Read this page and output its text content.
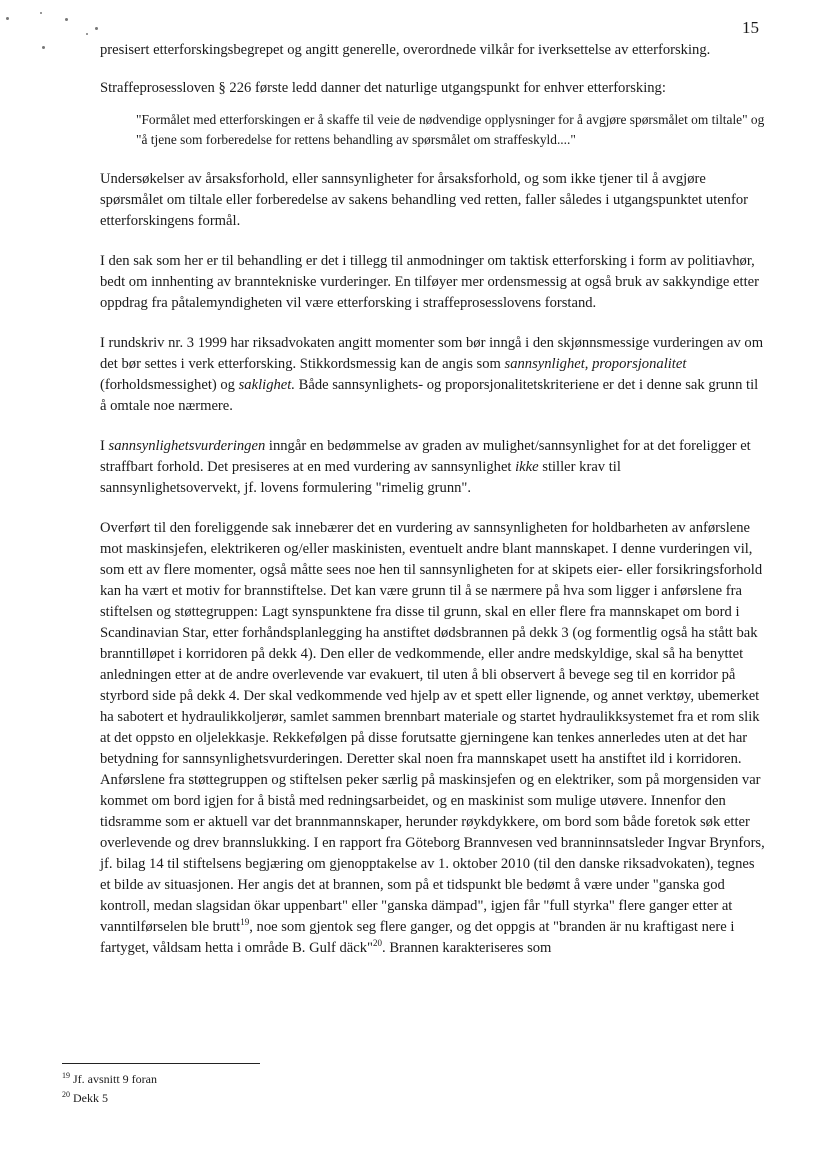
15

presisert etterforskingsbegrepet og angitt generelle, overordnede vilkår for iverksettelse av etterforsking.

Straffeprosessloven § 226 første ledd danner det naturlige utgangspunkt for enhver etterforsking:

"Formålet med etterforskingen er å skaffe til veie de nødvendige opplysninger for å avgjøre spørsmålet om tiltale" og "å tjene som forberedelse for rettens behandling av spørsmålet om straffeskyld...."

Undersøkelser av årsaksforhold, eller sannsynligheter for årsaksforhold, og som ikke tjener til å avgjøre spørsmålet om tiltale eller forberedelse av sakens behandling ved retten, faller således i utgangspunktet utenfor etterforskingens formål.

I den sak som her er til behandling er det i tillegg til anmodninger om taktisk etterforsking i form av politiavhør, bedt om innhenting av branntekniske vurderinger. En tilføyer mer ordensmessig at også bruk av sakkyndige etter oppdrag fra påtalemyndigheten vil være etterforsking i straffeprosesslovens forstand.

I rundskriv nr. 3 1999 har riksadvokaten angitt momenter som bør inngå i den skjønnsmessige vurderingen av om det bør settes i verk etterforsking. Stikkordsmessig kan de angis som sannsynlighet, proporsjonalitet (forholdsmessighet) og saklighet. Både sannsynlighets- og proporsjonalitetskriteriene er det i denne sak grunn til å omtale noe nærmere.

I sannsynlighetsvurderingen inngår en bedømmelse av graden av mulighet/sannsynlighet for at det foreligger et straffbart forhold. Det presiseres at en med vurdering av sannsynlighet ikke stiller krav til sannsynlighetsovervekt, jf. lovens formulering "rimelig grunn".

Overført til den foreliggende sak innebærer det en vurdering av sannsynligheten for holdbarheten av anførslene mot maskinsjefen, elektrikeren og/eller maskinisten, eventuelt andre blant mannskapet. I denne vurderingen vil, som ett av flere momenter, også måtte sees noe hen til sannsynligheten for at skipets eier- eller forsikringsforhold kan ha vært et motiv for brannstiftelse. Det kan være grunn til å se nærmere på hva som ligger i anførslene fra stiftelsen og støttegruppen: Lagt synspunktene fra disse til grunn, skal en eller flere fra mannskapet om bord i Scandinavian Star, etter forhåndsplanlegging ha anstiftet dødsbrannen på dekk 3 (og formentlig også ha stått bak branntilløpet i korridoren på dekk 4). Den eller de vedkommende, eller andre medskyldige, skal så ha benyttet anledningen etter at de andre overlevende var evakuert, til uten å bli observert å bevege seg til en korridor på styrbord side på dekk 4. Der skal vedkommende ved hjelp av et spett eller lignende, og annet verktøy, ubemerket ha sabotert et hydraulikkoljerør, samlet sammen brennbart materiale og startet hydraulikksystemet fra et rom slik at det oppsto en oljelekkasje. Rekkefølgen på disse forutsatte gjerningene kan tenkes annerledes uten at det har betydning for sannsynlighetsvurderingen. Deretter skal noen fra mannskapet usett ha anstiftet ild i korridoren. Anførslene fra støttegruppen og stiftelsen peker særlig på maskinsjefen og en elektriker, som på morgensiden var kommet om bord igjen for å bistå med redningsarbeidet, og en maskinist som mulige utøvere. Innenfor den tidsramme som er aktuell var det brannmannskaper, herunder røykdykkere, om bord som både foretok søk etter overlevende og drev brannslukking. I en rapport fra Göteborg Brannvesen ved branninnsatsleder Ingvar Brynfors, jf. bilag 14 til stiftelsens begjæring om gjenopptakelse av 1. oktober 2010 (til den danske riksadvokaten), tegnes et bilde av situasjonen. Her angis det at brannen, som på et tidspunkt ble bedømt å være under "ganska god kontroll, medan slagsidan ökar uppenbart" eller "ganska dämpad", igjen får "full styrka" flere ganger etter at vanntilførselen ble brutt$^{19}$, noe som gjentok seg flere ganger, og det oppgis at "branden är nu kraftigast nere i fartyget, våldsam hetta i område B. Gulf däck"$^{20}$. Brannen karakteriseres som

$^{19}$ Jf. avsnitt 9 foran
$^{20}$ Dekk 5
